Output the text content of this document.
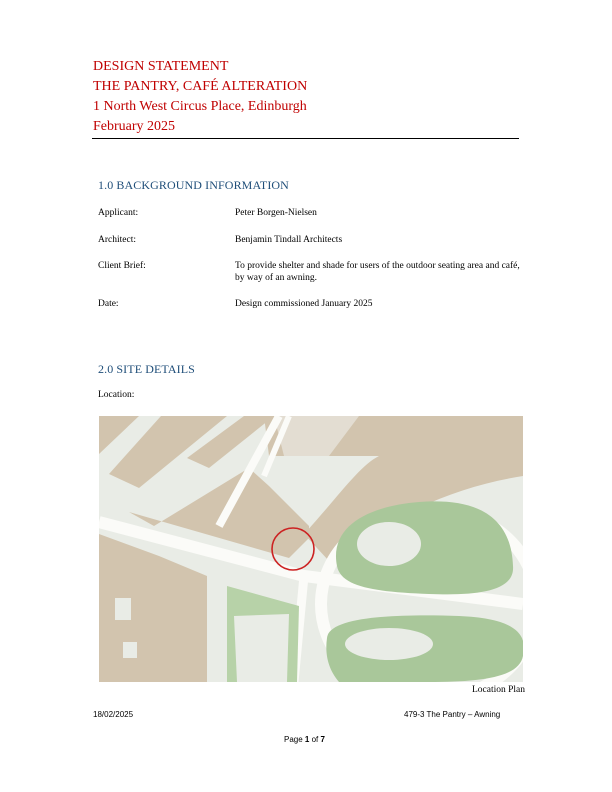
DESIGN STATEMENT
THE PANTRY, CAFÉ ALTERATION
1 North West Circus Place, Edinburgh
February 2025
1.0 BACKGROUND INFORMATION
Applicant:	Peter Borgen-Nielsen
Architect:	Benjamin Tindall Architects
Client Brief:	To provide shelter and shade for users of the outdoor seating area and café, by way of an awning.
Date:	Design commissioned January 2025
2.0 SITE DETAILS
Location:
Location Plan
18/02/2025	479-3 The Pantry – Awning
Page 1 of 7
